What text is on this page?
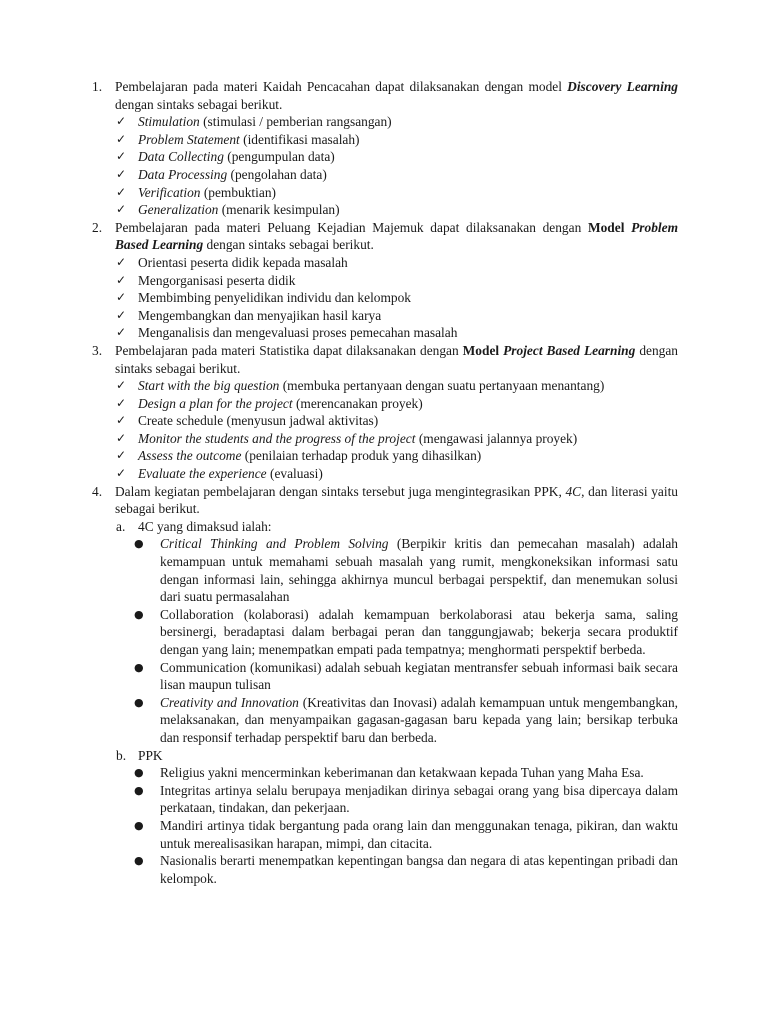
1. Pembelajaran pada materi Kaidah Pencacahan dapat dilaksanakan dengan model Discovery Learning dengan sintaks sebagai berikut.
✓ Stimulation (stimulasi / pemberian rangsangan)
✓ Problem Statement (identifikasi masalah)
✓ Data Collecting (pengumpulan data)
✓ Data Processing (pengolahan data)
✓ Verification (pembuktian)
✓ Generalization (menarik kesimpulan)
2. Pembelajaran pada materi Peluang Kejadian Majemuk dapat dilaksanakan dengan Model Problem Based Learning dengan sintaks sebagai berikut.
✓ Orientasi peserta didik kepada masalah
✓ Mengorganisasi peserta didik
✓ Membimbing penyelidikan individu dan kelompok
✓ Mengembangkan dan menyajikan hasil karya
✓ Menganalisis dan mengevaluasi proses pemecahan masalah
3. Pembelajaran pada materi Statistika dapat dilaksanakan dengan Model Project Based Learning dengan sintaks sebagai berikut.
✓ Start with the big question (membuka pertanyaan dengan suatu pertanyaan menantang)
✓ Design a plan for the project (merencanakan proyek)
✓ Create schedule (menyusun jadwal aktivitas)
✓ Monitor the students and the progress of the project (mengawasi jalannya proyek)
✓ Assess the outcome (penilaian terhadap produk yang dihasilkan)
✓ Evaluate the experience (evaluasi)
4. Dalam kegiatan pembelajaran dengan sintaks tersebut juga mengintegrasikan PPK, 4C, dan literasi yaitu sebagai berikut.
a. 4C yang dimaksud ialah:
● Critical Thinking and Problem Solving (Berpikir kritis dan pemecahan masalah) adalah kemampuan untuk memahami sebuah masalah yang rumit, mengkoneksikan informasi satu dengan informasi lain, sehingga akhirnya muncul berbagai perspektif, dan menemukan solusi dari suatu permasalahan
● Collaboration (kolaborasi) adalah kemampuan berkolaborasi atau bekerja sama, saling bersinergi, beradaptasi dalam berbagai peran dan tanggungjawab; bekerja secara produktif dengan yang lain; menempatkan empati pada tempatnya; menghormati perspektif berbeda.
● Communication (komunikasi) adalah sebuah kegiatan mentransfer sebuah informasi baik secara lisan maupun tulisan
● Creativity and Innovation (Kreativitas dan Inovasi) adalah kemampuan untuk mengembangkan, melaksanakan, dan menyampaikan gagasan-gagasan baru kepada yang lain; bersikap terbuka dan responsif terhadap perspektif baru dan berbeda.
b. PPK
● Religius yakni mencerminkan keberimanan dan ketakwaan kepada Tuhan yang Maha Esa.
● Integritas artinya selalu berupaya menjadikan dirinya sebagai orang yang bisa dipercaya dalam perkataan, tindakan, dan pekerjaan.
● Mandiri artinya tidak bergantung pada orang lain dan menggunakan tenaga, pikiran, dan waktu untuk merealisasikan harapan, mimpi, dan citacita.
● Nasionalis berarti menempatkan kepentingan bangsa dan negara di atas kepentingan pribadi dan kelompok.
